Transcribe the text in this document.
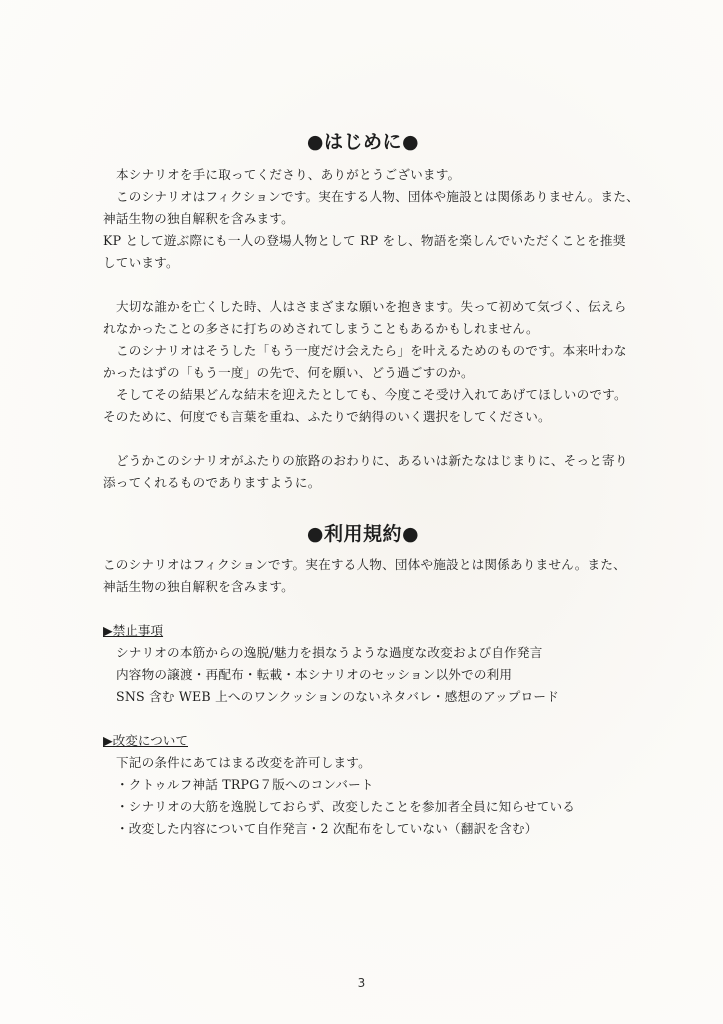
●はじめに●

本シナリオを手に取ってくださり、ありがとうございます。

このシナリオはフィクションです。実在する人物、団体や施設とは関係ありません。また、

神話生物の独自解釈を含みます。

KP として遊ぶ際にも一人の登場人物として RP をし、物語を楽しんでいただくことを推奨

しています。

大切な誰かを亡くした時、人はさまざまな願いを抱きます。失って初めて気づく、伝えら

れなかったことの多さに打ちのめされてしまうこともあるかもしれません。

このシナリオはそうした「もう一度だけ会えたら」を叶えるためのものです。本来叶わな

かったはずの「もう一度」の先で、何を願い、どう過ごすのか。

そしてその結果どんな結末を迎えたとしても、今度こそ受け入れてあげてほしいのです。

そのために、何度でも言葉を重ね、ふたりで納得のいく選択をしてください。

どうかこのシナリオがふたりの旅路のおわりに、あるいは新たなはじまりに、そっと寄り

添ってくれるものでありますように。

●利用規約●

このシナリオはフィクションです。実在する人物、団体や施設とは関係ありません。また、

神話生物の独自解釈を含みます。

▶禁止事項

シナリオの本筋からの逸脱/魅力を損なうような過度な改変および自作発言

内容物の譲渡・再配布・転載・本シナリオのセッション以外での利用

SNS 含む WEB 上へのワンクッションのないネタバレ・感想のアップロード

▶改変について

下記の条件にあてはまる改変を許可します。

・クトゥルフ神話 TRPG７版へのコンバート

・シナリオの大筋を逸脱しておらず、改変したことを参加者全員に知らせている

・改変した内容について自作発言・2 次配布をしていない（翻訳を含む）

3
